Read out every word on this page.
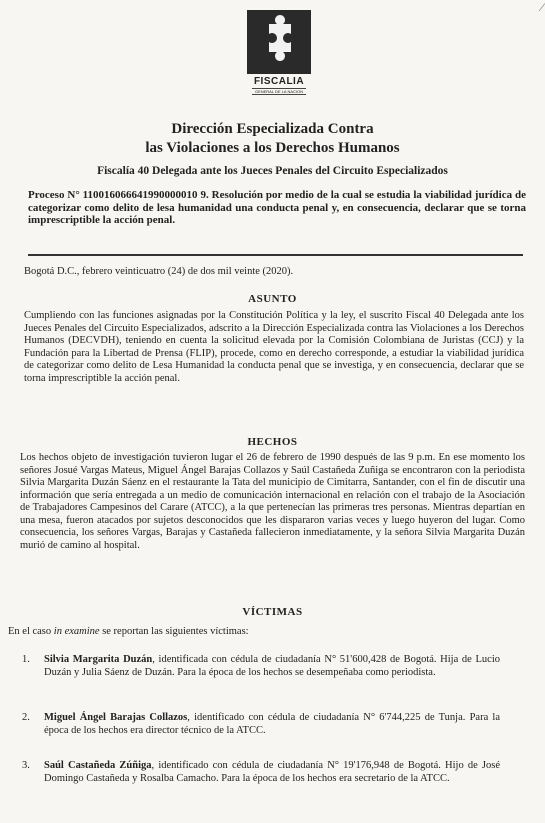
⁄
FISCALIA
GENERAL DE LA NACION
Dirección Especializada Contra
las Violaciones a los Derechos Humanos
Fiscalía 40 Delegada ante los Jueces Penales del Circuito Especializados
Proceso N° 110016066641990000010 9. Resolución por medio de la cual se estudia la viabilidad jurídica de categorizar como delito de lesa humanidad una conducta penal y, en consecuencia, declarar que se torna imprescriptible la acción penal.
Bogotá D.C., febrero veinticuatro (24) de dos mil veinte (2020).
ASUNTO
Cumpliendo con las funciones asignadas por la Constitución Política y la ley, el suscrito Fiscal 40 Delegada ante los Jueces Penales del Circuito Especializados, adscrito a la Dirección Especializada contra las Violaciones a los Derechos Humanos (DECVDH), teniendo en cuenta la solicitud elevada por la Comisión Colombiana de Juristas (CCJ) y la Fundación para la Libertad de Prensa (FLIP), procede, como en derecho corresponde, a estudiar la viabilidad jurídica de categorizar como delito de Lesa Humanidad la conducta penal que se investiga, y en consecuencia, declarar que se torna imprescriptible la acción penal.
HECHOS
Los hechos objeto de investigación tuvieron lugar el 26 de febrero de 1990 después de las 9 p.m. En ese momento los señores Josué Vargas Mateus, Miguel Ángel Barajas Collazos y Saúl Castañeda Zuñiga se encontraron con la periodista Silvia Margarita Duzán Sáenz en el restaurante la Tata del municipio de Cimitarra, Santander, con el fin de discutir una información que sería entregada a un medio de comunicación internacional en relación con el trabajo de la Asociación de Trabajadores Campesinos del Carare (ATCC), a la que pertenecían las primeras tres personas. Mientras departían en una mesa, fueron atacados por sujetos desconocidos que les dispararon varias veces y luego huyeron del lugar. Como consecuencia, los señores Vargas, Barajas y Castañeda fallecieron inmediatamente, y la señora Silvia Margarita Duzán murió de camino al hospital.
VÍCTIMAS
En el caso in examine se reportan las siguientes víctimas:
1.	Silvia Margarita Duzán, identificada con cédula de ciudadanía N° 51'600,428 de Bogotá. Hija de Lucio Duzán y Julia Sáenz de Duzán. Para la época de los hechos se desempeñaba como periodista.
2.	Miguel Ángel Barajas Collazos, identificado con cédula de ciudadanía N° 6'744,225 de Tunja. Para la época de los hechos era director técnico de la ATCC.
3.	Saúl Castañeda Zúñiga, identificado con cédula de ciudadanía N° 19'176,948 de Bogotá. Hijo de José Domingo Castañeda y Rosalba Camacho. Para la época de los hechos era secretario de la ATCC.
